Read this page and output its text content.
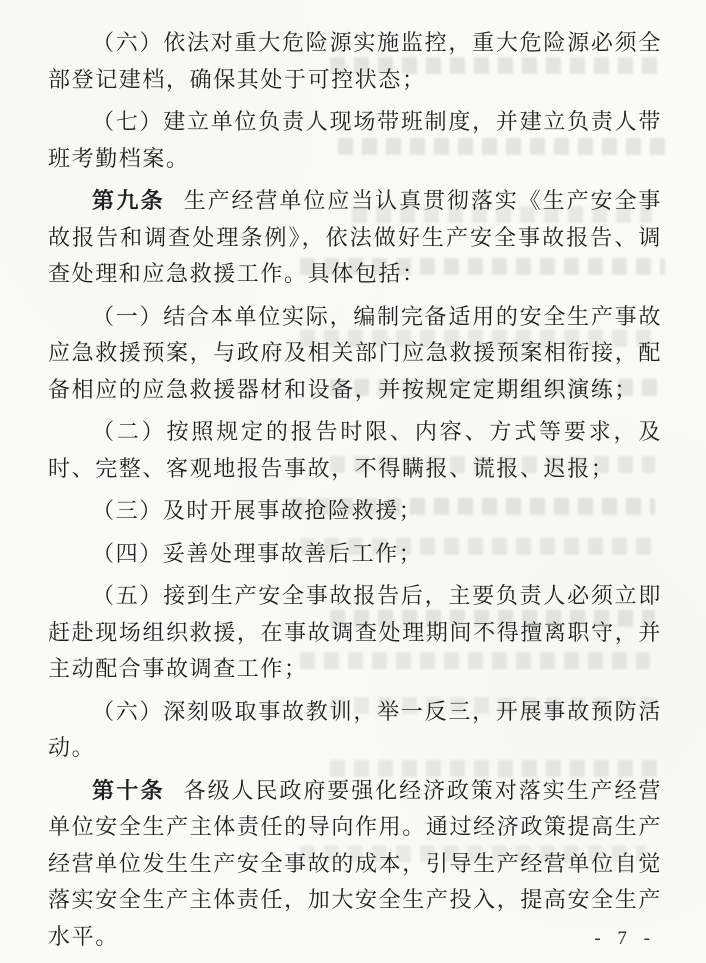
（六）依法对重大危险源实施监控，重大危险源必须全部登记建档，确保其处于可控状态；

（七）建立单位负责人现场带班制度，并建立负责人带班考勤档案。

第九条 生产经营单位应当认真贯彻落实《生产安全事故报告和调查处理条例》，依法做好生产安全事故报告、调查处理和应急救援工作。具体包括：

（一）结合本单位实际，编制完备适用的安全生产事故应急救援预案，与政府及相关部门应急救援预案相衔接，配备相应的应急救援器材和设备，并按规定定期组织演练；

（二）按照规定的报告时限、内容、方式等要求，及时、完整、客观地报告事故，不得瞒报、谎报、迟报；

（三）及时开展事故抢险救援；

（四）妥善处理事故善后工作；

（五）接到生产安全事故报告后，主要负责人必须立即赶赴现场组织救援，在事故调查处理期间不得擅离职守，并主动配合事故调查工作；

（六）深刻吸取事故教训，举一反三，开展事故预防活动。

第十条 各级人民政府要强化经济政策对落实生产经营单位安全生产主体责任的导向作用。通过经济政策提高生产经营单位发生生产安全事故的成本，引导生产经营单位自觉落实安全生产主体责任，加大安全生产投入，提高安全生产水平。	- 7 -
